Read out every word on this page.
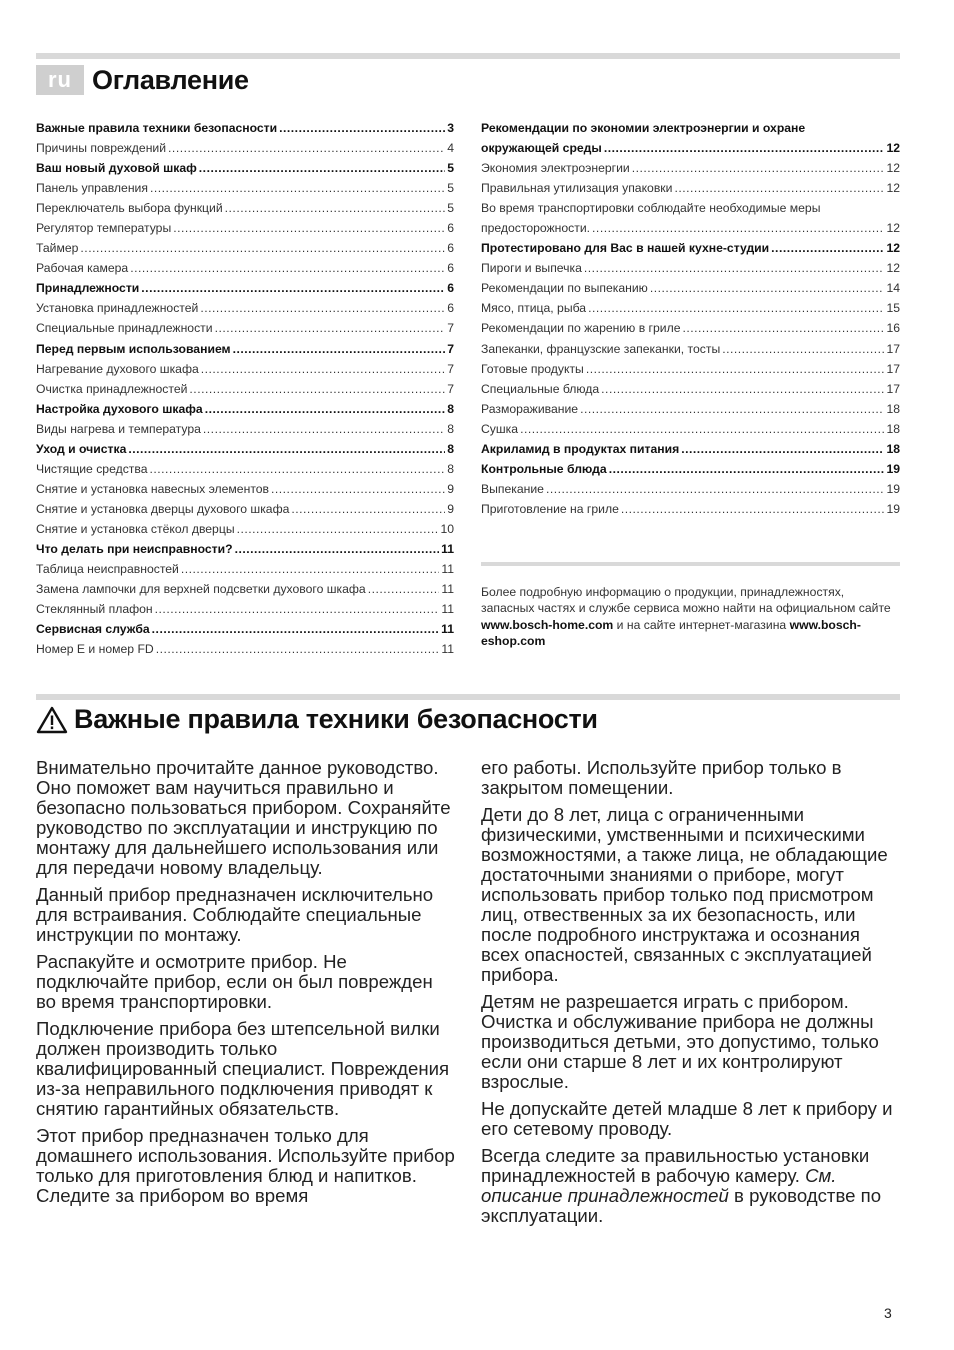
ru Оглавление
Важные правила техники безопасности .....	3
Причины повреждений .....	4
Ваш новый духовой шкаф .....	5
Панель управления .....	5
Переключатель выбора функций .....	5
Регулятор температуры .....	6
Таймер .....	6
Рабочая камера .....	6
Принадлежности .....	6
Установка принадлежностей .....	6
Специальные принадлежности .....	7
Перед первым использованием .....	7
Нагревание духового шкафа .....	7
Очистка принадлежностей .....	7
Настройка духового шкафа .....	8
Виды нагрева и температура .....	8
Уход и очистка .....	8
Чистящие средства .....	8
Снятие и установка навесных элементов .....	9
Снятие и установка дверцы духового шкафа .....	9
Снятие и установка стёкол дверцы .....	10
Что делать при неисправности? .....	11
Таблица неисправностей .....	11
Замена лампочки для верхней подсветки духового шкафа .....	11
Стеклянный плафон .....	11
Сервисная служба .....	11
Номер E и номер FD .....	11
Рекомендации по экономии электроэнергии и охране
окружающей среды .....	12
Экономия электроэнергии .....	12
Правильная утилизация упаковки .....	12
Во время транспортировки соблюдайте необходимые меры
предосторожности. .....	12
Протестировано для Вас в нашей кухне-студии .....	12
Пироги и выпечка .....	12
Рекомендации по выпеканию .....	14
Мясо, птица, рыба .....	15
Рекомендации по жарению в гриле .....	16
Запеканки, французские запеканки, тосты .....	17
Готовые продукты .....	17
Специальные блюда .....	17
Размораживание .....	18
Сушка .....	18
Акриламид в продуктах питания .....	18
Контрольные блюда .....	19
Выпекание .....	19
Приготовление на гриле .....	19
Более подробную информацию о продукции, принадлежностях, запасных частях и службе сервиса можно найти на официальном сайте www.bosch-home.com и на сайте интернет-магазина www.bosch-eshop.com
Важные правила техники безопасности

Внимательно прочитайте данное руководство. Оно поможет вам научиться правильно и безопасно пользоваться прибором. Сохраняйте руководство по эксплуатации и инструкцию по монтажу для дальнейшего использования или для передачи новому владельцу.

Данный прибор предназначен исключительно для встраивания. Соблюдайте специальные инструкции по монтажу.

Распакуйте и осмотрите прибор. Не подключайте прибор, если он был поврежден во время транспортировки.

Подключение прибора без штепсельной вилки должен производить только квалифицированный специалист. Повреждения из-за неправильного подключения приводят к снятию гарантийных обязательств.

Этот прибор предназначен только для домашнего использования. Используйте прибор только для приготовления блюд и напитков. Следите за прибором во время

его работы. Используйте прибор только в закрытом помещении.

Дети до 8 лет, лица с ограниченными физическими, умственными и психическими возможностями, а также лица, не обладающие достаточными знаниями о приборе, могут использовать прибор только под присмотром лиц, отвественных за их безопасность, или после подробного инструктажа и осознания всех опасностей, связанных с эксплуатацией прибора.

Детям не разрешается играть с прибором. Очистка и обслуживание прибора не должны производиться детьми, это допустимо, только если они старше 8 лет и их контролируют взрослые.

Не допускайте детей младше 8 лет к прибору и его сетевому проводу.

Всегда следите за правильностью установки принадлежностей в рабочую камеру. См. описание принадлежностей в руководстве по эксплуатации.

3
